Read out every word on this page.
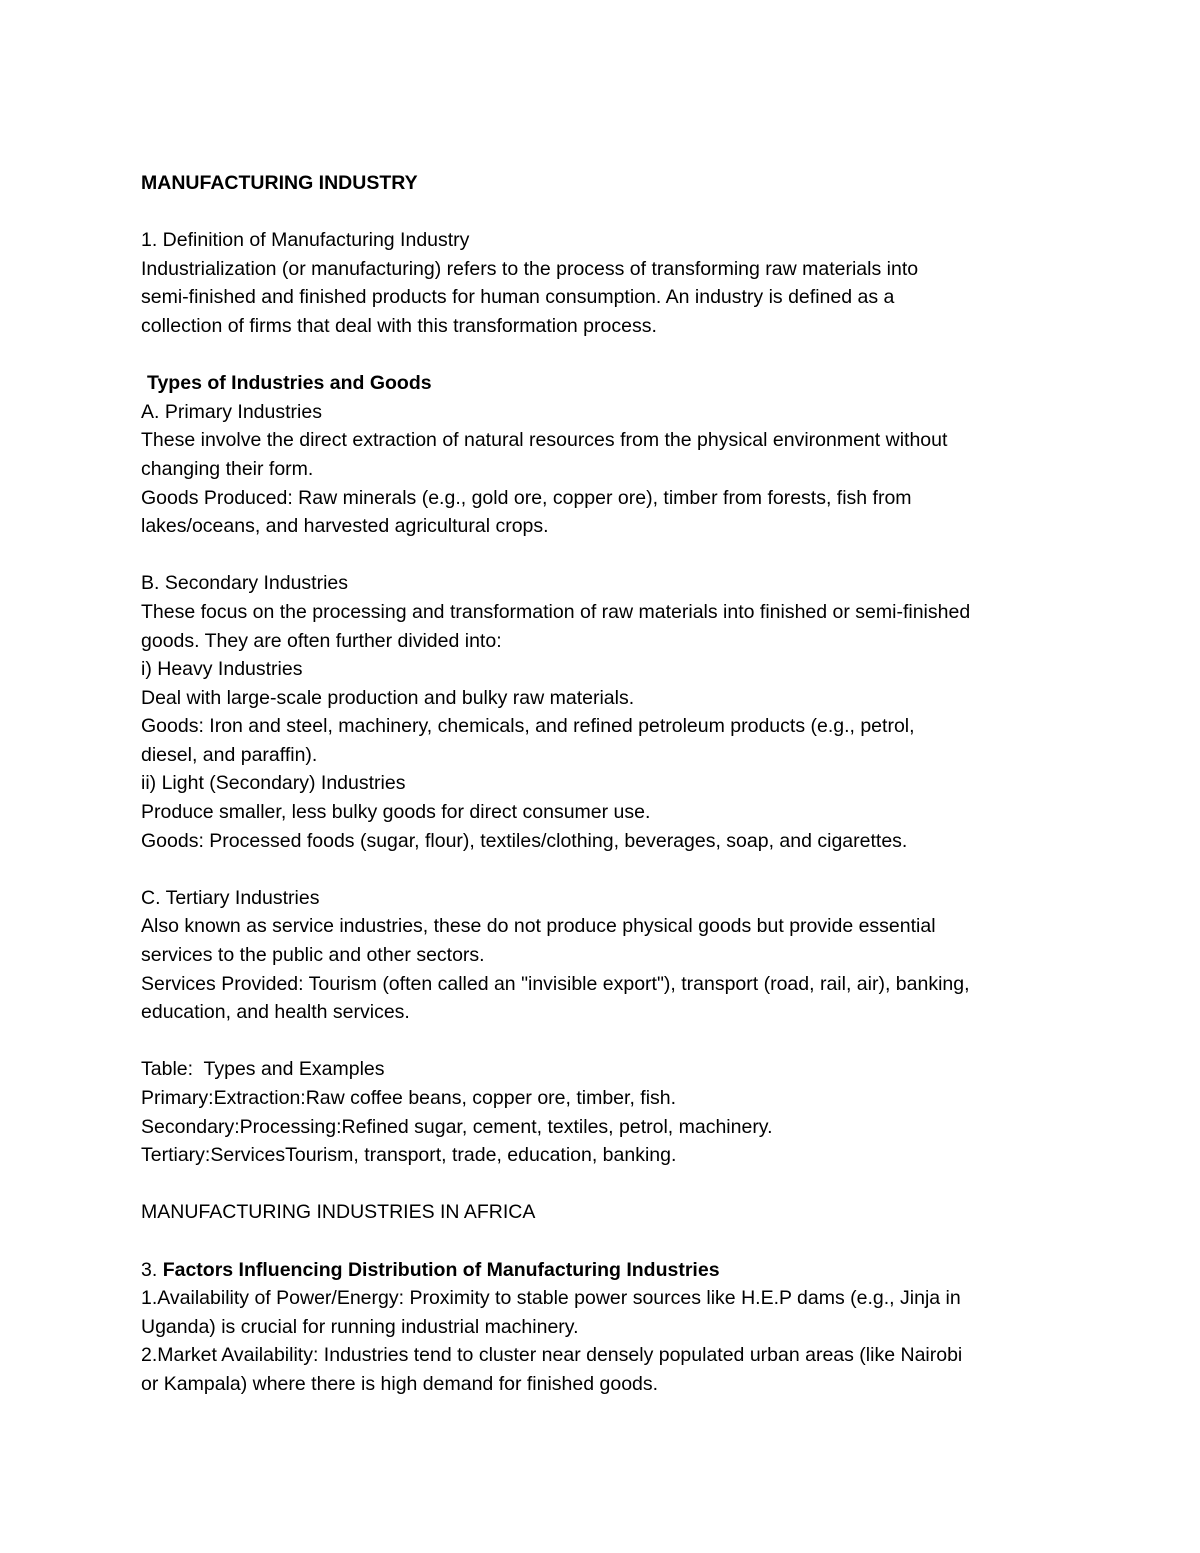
MANUFACTURING INDUSTRY
1. Definition of Manufacturing Industry
Industrialization (or manufacturing) refers to the process of transforming raw materials into
semi-finished and finished products for human consumption. An industry is defined as a
collection of firms that deal with this transformation process.
Types of Industries and Goods
A. Primary Industries
These involve the direct extraction of natural resources from the physical environment without
changing their form.
Goods Produced: Raw minerals (e.g., gold ore, copper ore), timber from forests, fish from
lakes/oceans, and harvested agricultural crops.
B. Secondary Industries
These focus on the processing and transformation of raw materials into finished or semi-finished
goods. They are often further divided into:
i) Heavy Industries
Deal with large-scale production and bulky raw materials.
Goods: Iron and steel, machinery, chemicals, and refined petroleum products (e.g., petrol,
diesel, and paraffin).
ii) Light (Secondary) Industries
Produce smaller, less bulky goods for direct consumer use.
Goods: Processed foods (sugar, flour), textiles/clothing, beverages, soap, and cigarettes.
C. Tertiary Industries
Also known as service industries, these do not produce physical goods but provide essential
services to the public and other sectors.
Services Provided: Tourism (often called an "invisible export"), transport (road, rail, air), banking,
education, and health services.
Table:  Types and Examples
Primary:Extraction:Raw coffee beans, copper ore, timber, fish.
Secondary:Processing:Refined sugar, cement, textiles, petrol, machinery.
Tertiary:ServicesTourism, transport, trade, education, banking.
MANUFACTURING INDUSTRIES IN AFRICA
3. Factors Influencing Distribution of Manufacturing Industries
1.Availability of Power/Energy: Proximity to stable power sources like H.E.P dams (e.g., Jinja in
Uganda) is crucial for running industrial machinery.
2.Market Availability: Industries tend to cluster near densely populated urban areas (like Nairobi
or Kampala) where there is high demand for finished goods.
